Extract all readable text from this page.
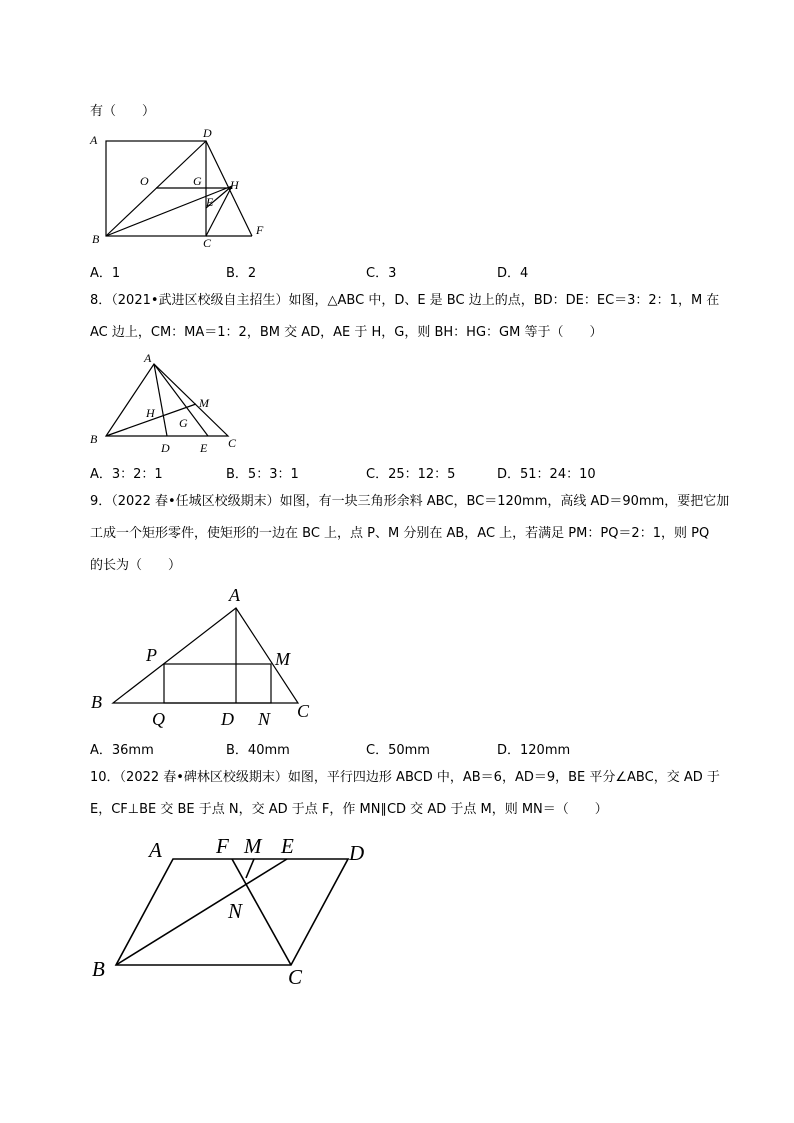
有（　　）
A	D
O	G H
E
B	C
F
A．1	B．2	C．3	D．4
8．（2021•武进区校级自主招生）如图，△ABC 中，D、E 是 BC 边上的点，BD：DE：EC＝3：2：1，M 在
AC 边上，CM：MA＝1：2，BM 交 AD，AE 于 H，G，则 BH：HG：GM 等于（　　）
A
H
M
G
B
D	E C
A．3：2：1	B．5：3：1	C．25：12：5	D．51：24：10
9．（2022 春•任城区校级期末）如图，有一块三角形余料 ABC，BC＝120mm，高线 AD＝90mm，要把它加
工成一个矩形零件，使矩形的一边在 BC 上，点 P、M 分别在 AB，AC 上，若满足 PM：PQ＝2：1，则 PQ
的长为（　　）
A
P	M
B
Q	D N C
A．36mm	B．40mm	C．50mm	D．120mm
10．（2022 春•碑林区校级期末）如图，平行四边形 ABCD 中，AB＝6，AD＝9，BE 平分∠ABC，交 AD 于
E，CF⊥BE 交 BE 于点 N，交 AD 于点 F，作 MN∥CD 交 AD 于点 M，则 MN＝（　　）
A	F M E	D
N
B	C
